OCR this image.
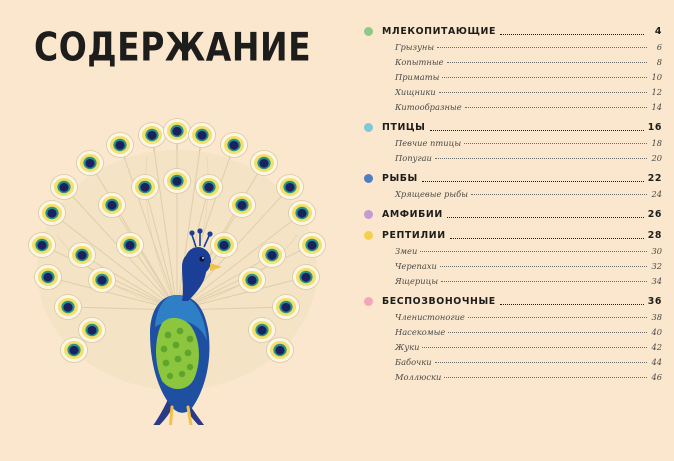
СОДЕРЖАНИЕ	МЛЕКОПИТАЮЩИЕ	4
Грызуны	6
Копытные	8
Приматы	10
Хищники	12
Китообразные	14
ПТИЦЫ	16
Певчие птицы	18
Попугаи	20
РЫБЫ	22
Хрящевые рыбы	24
АМФИБИИ	26
РЕПТИЛИИ	28
Змеи	30
Черепахи	32
Ящерицы	34
БЕСПОЗВОНОЧНЫЕ	36
Членистоногие	38
Насекомые	40
Жуки	42
Бабочки	44
Моллюски	46
